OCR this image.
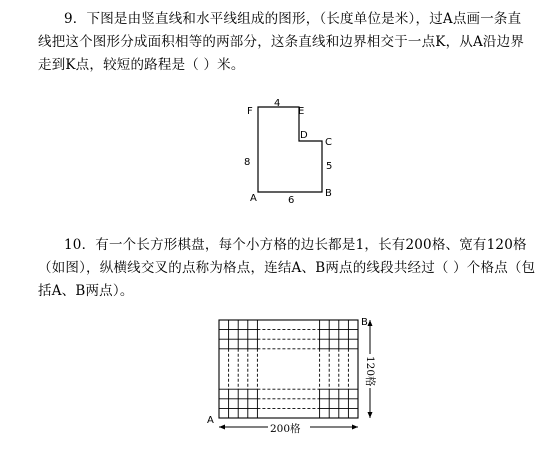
9．下图是由竖直线和水平线组成的图形，（长度单位是米），过A点画一条直
线把这个图形分成面积相等的两部分，这条直线和边界相交于一点K，从A沿边界
走到K点，较短的路程是（ ）米。

F
4
E
D
C
8	5
A	6
B

10．有一个长方形棋盘，每个小方格的边长都是1，长有200格、宽有120格
（如图），纵横线交叉的点称为格点，连结A、B两点的线段共经过（ ）个格点（包
括A、B两点）。

A
B
200格
120格
